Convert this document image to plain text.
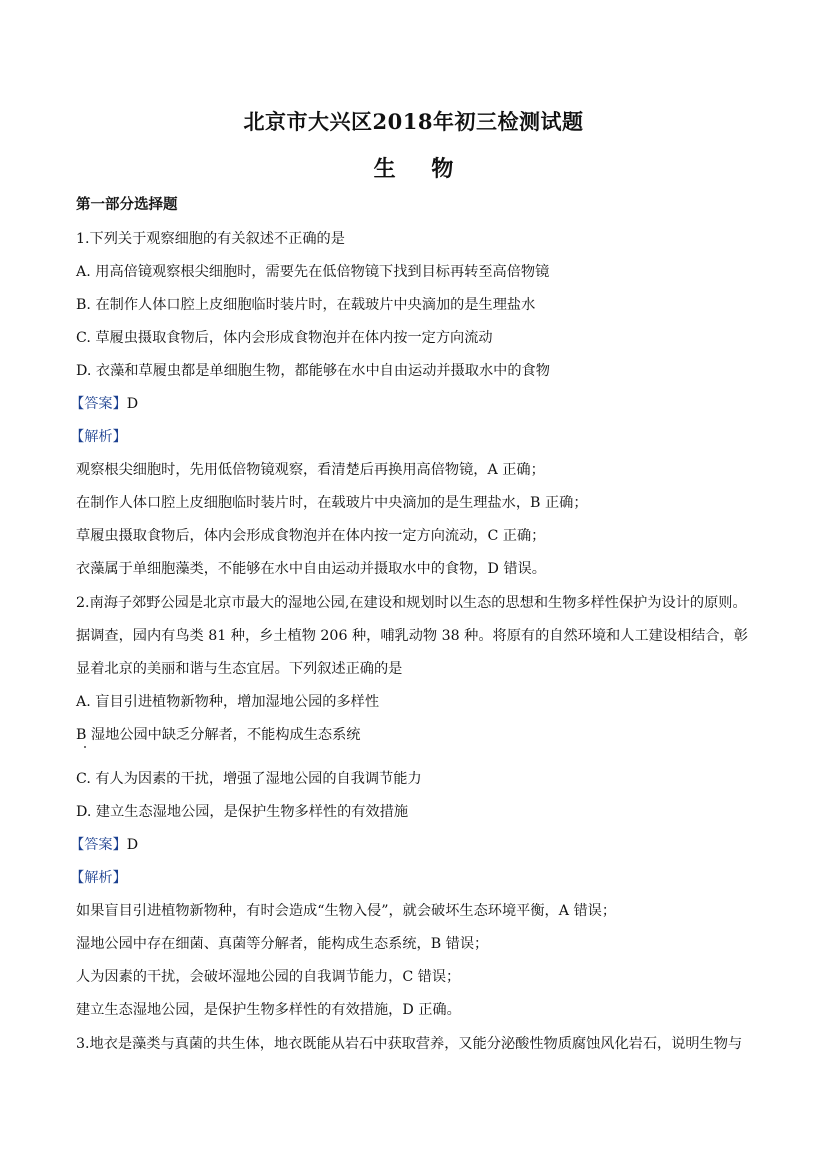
北京市大兴区2018年初三检测试题
生 物
第一部分选择题
1.下列关于观察细胞的有关叙述不正确的是
A. 用高倍镜观察根尖细胞时，需要先在低倍物镜下找到目标再转至高倍物镜
B. 在制作人体口腔上皮细胞临时装片时，在载玻片中央滴加的是生理盐水
C. 草履虫摄取食物后，体内会形成食物泡并在体内按一定方向流动
D. 衣藻和草履虫都是单细胞生物，都能够在水中自由运动并摄取水中的食物
【答案】D
【解析】
观察根尖细胞时，先用低倍物镜观察，看清楚后再换用高倍物镜，A 正确；
在制作人体口腔上皮细胞临时装片时，在载玻片中央滴加的是生理盐水，B 正确；
草履虫摄取食物后，体内会形成食物泡并在体内按一定方向流动，C 正确；
衣藻属于单细胞藻类，不能够在水中自由运动并摄取水中的食物，D 错误。
2.南海子郊野公园是北京市最大的湿地公园,在建设和规划时以生态的思想和生物多样性保护为设计的原则。
据调查，园内有鸟类 81 种，乡土植物 206 种，哺乳动物 38 种。将原有的自然环境和人工建设相结合，彰
显着北京的美丽和谐与生态宜居。下列叙述正确的是
A. 盲目引进植物新物种，增加湿地公园的多样性
B 湿地公园中缺乏分解者，不能构成生态系统
C. 有人为因素的干扰，增强了湿地公园的自我调节能力
D. 建立生态湿地公园，是保护生物多样性的有效措施
【答案】D
【解析】
如果盲目引进植物新物种，有时会造成“生物入侵”，就会破坏生态环境平衡，A 错误；
湿地公园中存在细菌、真菌等分解者，能构成生态系统，B 错误；
人为因素的干扰，会破坏湿地公园的自我调节能力，C 错误；
建立生态湿地公园，是保护生物多样性的有效措施，D 正确。
3.地衣是藻类与真菌的共生体，地衣既能从岩石中获取营养，又能分泌酸性物质腐蚀风化岩石，说明生物与
